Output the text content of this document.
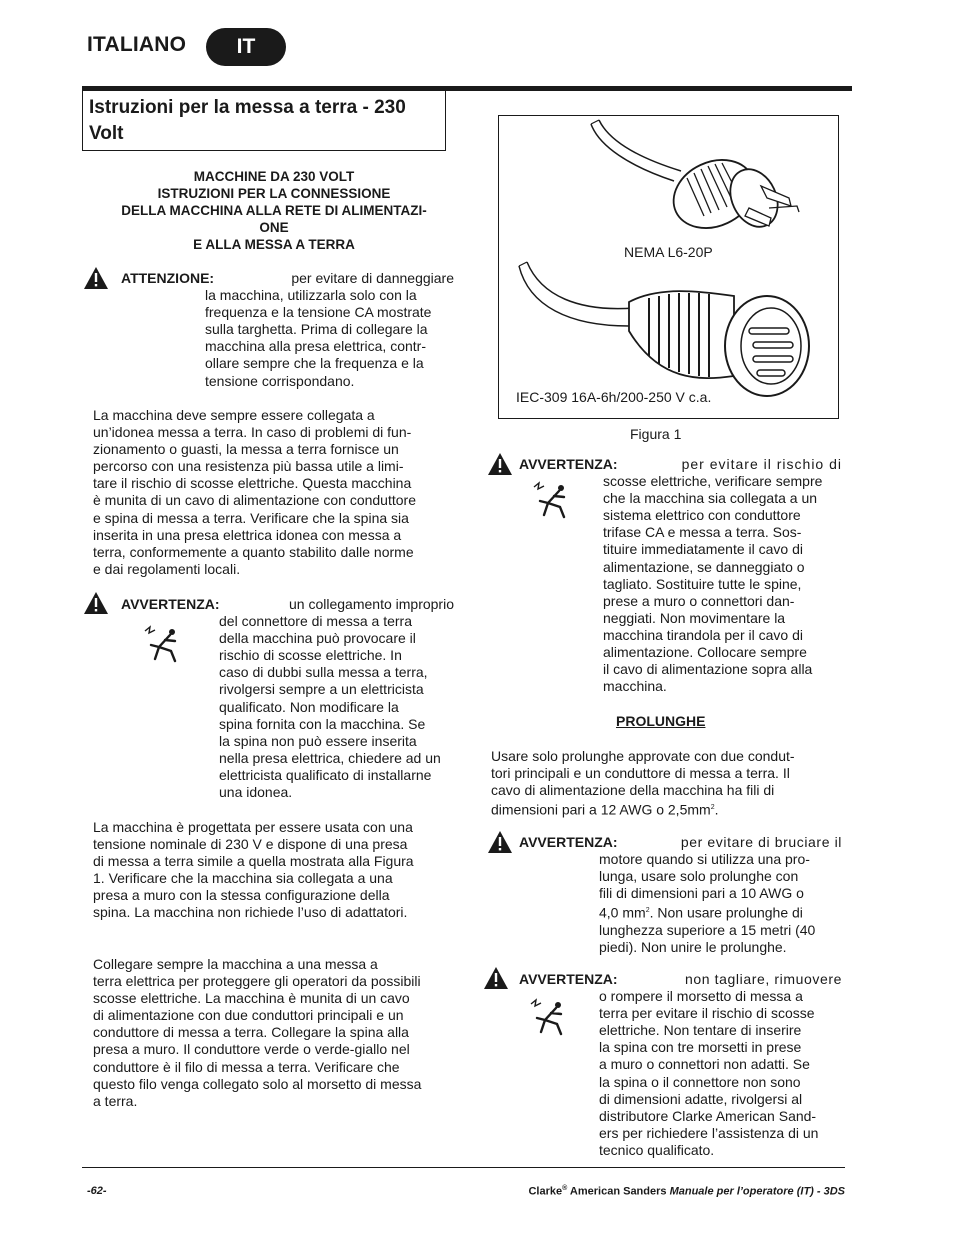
ITALIANO	IT
Istruzioni per la messa a terra - 230 Volt
MACCHINE DA 230 VOLT
ISTRUZIONI PER LA CONNESSIONE
DELLA MACCHINA ALLA RETE DI ALIMENTAZI-
ONE
E ALLA MESSA A TERRA
ATTENZIONE:	per evitare di danneggiare
la macchina, utilizzarla solo con la
frequenza e la tensione CA mostrate
sulla targhetta. Prima di collegare la
macchina alla presa elettrica, contr-
ollare sempre che la frequenza e la
tensione corrispondano.
La macchina deve sempre essere collegata a
un’idonea messa a terra. In caso di problemi di fun-
zionamento o guasti, la messa a terra fornisce un
percorso con una resistenza più bassa utile a limi-
tare il rischio di scosse elettriche. Questa macchina
è munita di un cavo di alimentazione con conduttore
e spina di messa a terra. Verificare che la spina sia
inserita in una presa elettrica idonea con messa a
terra, conformemente a quanto stabilito dalle norme
e dai regolamenti locali.
AVVERTENZA:	un collegamento improprio
del connettore di messa a terra
della macchina può provocare il
rischio di scosse elettriche. In
caso di dubbi sulla messa a terra,
rivolgersi sempre a un elettricista
qualificato. Non modificare la
spina fornita con la macchina. Se
la spina non può essere inserita
nella presa elettrica, chiedere ad un
elettricista qualificato di installarne
una idonea.
La macchina è progettata per essere usata con una
tensione nominale di 230 V e dispone di una presa
di messa a terra simile a quella mostrata alla Figura
1. Verificare che la macchina sia collegata a una
presa a muro con la stessa configurazione della
spina. La macchina non richiede l’uso di adattatori.
Collegare sempre la macchina a una messa a
terra elettrica per proteggere gli operatori da possibili
scosse elettriche. La macchina è munita di un cavo
di alimentazione con due conduttori principali e un
conduttore di messa a terra. Collegare la spina alla
presa a muro. Il conduttore verde o verde-giallo nel
conduttore è il filo di messa a terra. Verificare che
questo filo venga collegato solo al morsetto di messa
a terra.
NEMA L6-20P
IEC-309 16A-6h/200-250 V c.a.
Figura 1
AVVERTENZA:	per evitare il rischio di
scosse elettriche, verificare sempre
che la macchina sia collegata a un
sistema elettrico con conduttore
trifase CA e messa a terra. Sos-
tituire immediatamente il cavo di
alimentazione, se danneggiato o
tagliato. Sostituire tutte le spine,
prese a muro o connettori dan-
neggiati. Non movimentare la
macchina tirandola per il cavo di
alimentazione. Collocare sempre
il cavo di alimentazione sopra alla
macchina.
PROLUNGHE
Usare solo prolunghe approvate con due condut-
tori principali e un conduttore di messa a terra. Il
cavo di alimentazione della macchina ha fili di
dimensioni pari a 12 AWG o $2,5mm^2$.
AVVERTENZA:	per evitare di bruciare il
motore quando si utilizza una pro-
lunga, usare solo prolunghe con
fili di dimensioni pari a 10 AWG o
4,0 $mm^2$. Non usare prolunghe di
lunghezza superiore a 15 metri (40
piedi). Non unire le prolunghe.
AVVERTENZA:	non tagliare, rimuovere
o rompere il morsetto di messa a
terra per evitare il rischio di scosse
elettriche. Non tentare di inserire
la spina con tre morsetti in prese
a muro o connettori non adatti. Se
la spina o il connettore non sono
di dimensioni adatte, rivolgersi al
distributore Clarke American Sand-
ers per richiedere l’assistenza di un
tecnico qualificato.
-62-	Clarke® American Sanders Manuale per l’operatore (IT) - 3DS
